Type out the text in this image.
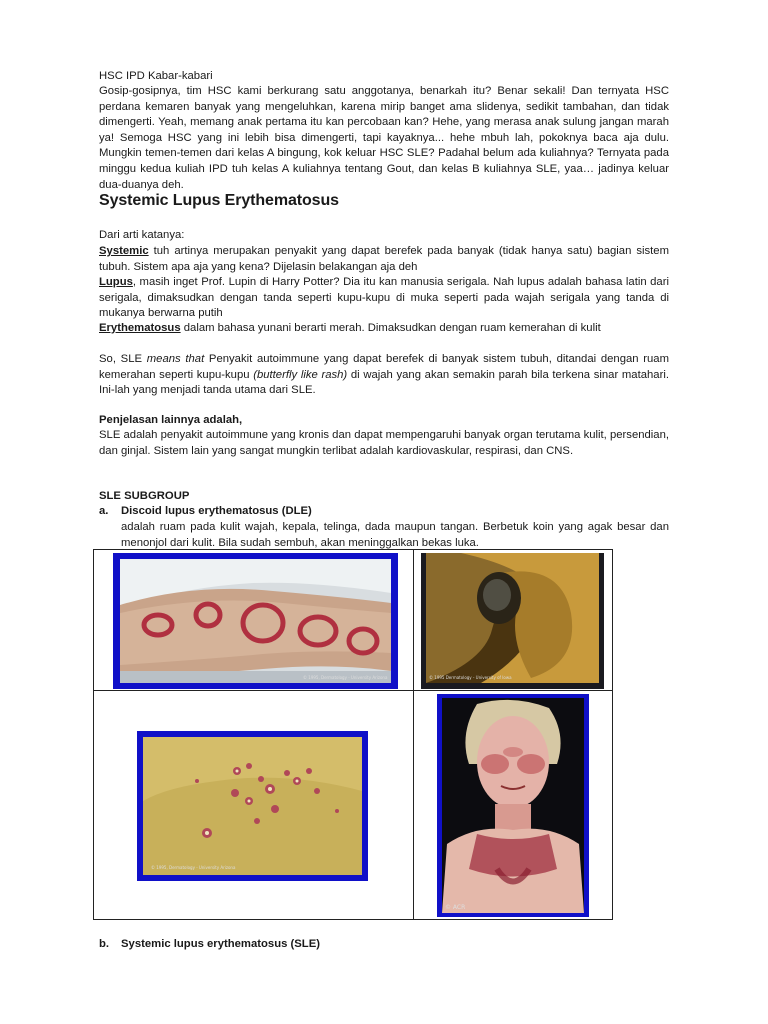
HSC IPD Kabar-kabari

Gosip-gosipnya, tim HSC kami berkurang satu anggotanya, benarkah itu? Benar sekali! Dan ternyata HSC perdana kemaren banyak yang mengeluhkan, karena mirip banget ama slidenya, sedikit tambahan, dan tidak dimengerti. Yeah, memang anak pertama itu kan percobaan kan? Hehe, yang merasa anak sulung jangan marah ya! Semoga HSC yang ini lebih bisa dimengerti, tapi kayaknya... hehe mbuh lah, pokoknya baca aja dulu. Mungkin temen-temen dari kelas A bingung, kok keluar HSC SLE? Padahal belum ada kuliahnya? Ternyata pada minggu kedua kuliah IPD tuh kelas A kuliahnya tentang Gout, dan kelas B kuliahnya SLE, yaa… jadinya keluar dua-duanya deh.

Systemic Lupus Erythematosus

Dari arti katanya:

Systemic tuh artinya merupakan penyakit yang dapat berefek pada banyak (tidak hanya satu) bagian sistem tubuh. Sistem apa aja yang kena? Dijelasin belakangan aja deh

Lupus, masih inget Prof. Lupin di Harry Potter? Dia itu kan manusia serigala. Nah lupus adalah bahasa latin dari serigala, dimaksudkan dengan tanda seperti kupu-kupu di muka seperti pada wajah serigala yang tanda di mukanya berwarna putih

Erythematosus dalam bahasa yunani berarti merah. Dimaksudkan dengan ruam kemerahan di kulit

So, SLE means that Penyakit autoimmune yang dapat berefek di banyak sistem tubuh, ditandai dengan ruam kemerahan seperti kupu-kupu (butterfly like rash) di wajah yang akan semakin parah bila terkena sinar matahari. Ini-lah yang menjadi tanda utama dari SLE.

Penjelasan lainnya adalah,

SLE adalah penyakit autoimmune yang kronis dan dapat mempengaruhi banyak organ terutama kulit, persendian, dan ginjal. Sistem lain yang sangat mungkin terlibat adalah kardiovaskular, respirasi, dan CNS.

SLE SUBGROUP

a. Discoid lupus erythematosus (DLE)

adalah ruam pada kulit wajah, kepala, telinga, dada maupun tangan. Berbetuk koin yang agak besar dan menonjol dari kulit. Bila sudah sembuh, akan meninggalkan bekas luka.

© 1995, Dermatology - University Arizona	© 1995 Dermatology - University of Iowa
© 1995, Dermatology - University Arizona
© ACR

b. Systemic lupus erythematosus (SLE)
